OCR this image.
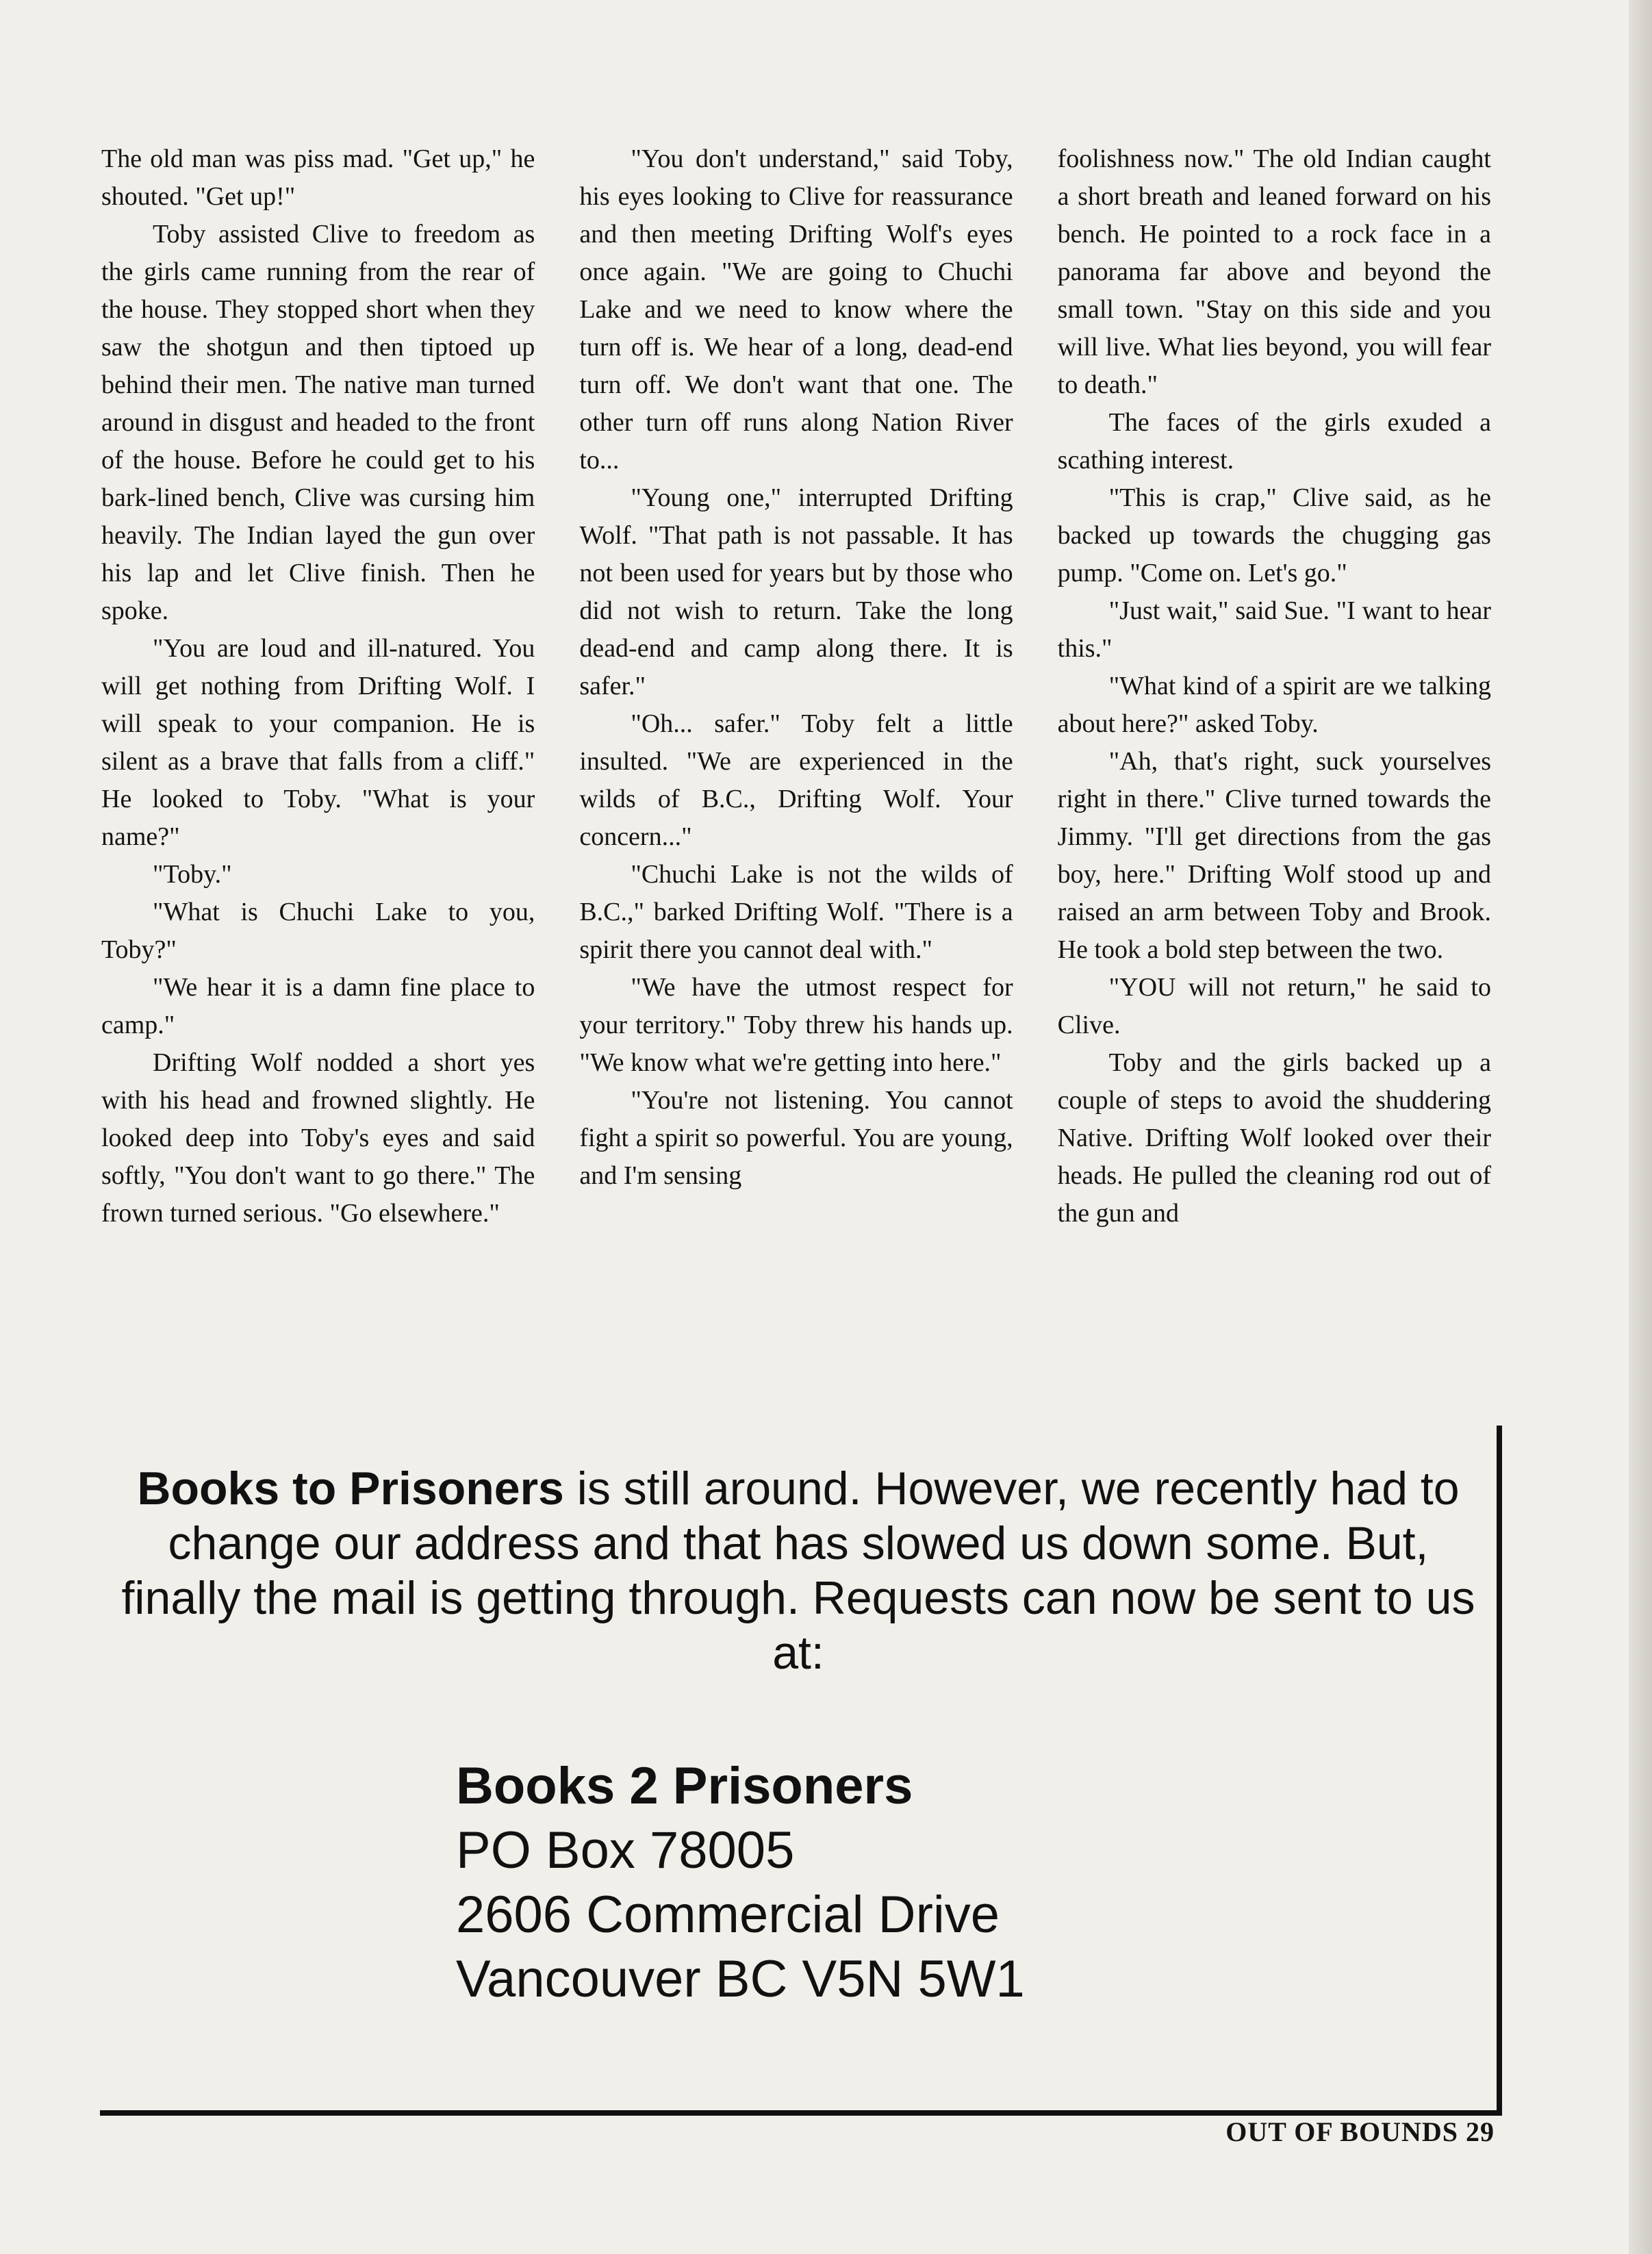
The old man was piss mad. "Get up," he shouted. "Get up!"

Toby assisted Clive to freedom as the girls came running from the rear of the house. They stopped short when they saw the shotgun and then tiptoed up behind their men. The native man turned around in disgust and headed to the front of the house. Before he could get to his bark-lined bench, Clive was cursing him heavily. The Indian layed the gun over his lap and let Clive finish. Then he spoke.

"You are loud and ill-natured. You will get nothing from Drifting Wolf. I will speak to your companion. He is silent as a brave that falls from a cliff." He looked to Toby. "What is your name?"

"Toby."

"What is Chuchi Lake to you, Toby?"

"We hear it is a damn fine place to camp."

Drifting Wolf nodded a short yes with his head and frowned slightly. He looked deep into Toby's eyes and said softly, "You don't want to go there." The frown turned serious. "Go elsewhere."

"You don't understand," said Toby, his eyes looking to Clive for reassurance and then meeting Drifting Wolf's eyes once again. "We are going to Chuchi Lake and we need to know where the turn off is. We hear of a long, dead-end turn off. We don't want that one. The other turn off runs along Nation River to...

"Young one," interrupted Drifting Wolf. "That path is not passable. It has not been used for years but by those who did not wish to return. Take the long dead-end and camp along there. It is safer."

"Oh... safer." Toby felt a little insulted. "We are experienced in the wilds of B.C., Drifting Wolf. Your concern..."

"Chuchi Lake is not the wilds of B.C.," barked Drifting Wolf. "There is a spirit there you cannot deal with."

"We have the utmost respect for your territory." Toby threw his hands up. "We know what we're getting into here."

"You're not listening. You cannot fight a spirit so powerful. You are young, and I'm sensing

foolishness now." The old Indian caught a short breath and leaned forward on his bench. He pointed to a rock face in a panorama far above and beyond the small town. "Stay on this side and you will live. What lies beyond, you will fear to death."

The faces of the girls exuded a scathing interest.

"This is crap," Clive said, as he backed up towards the chugging gas pump. "Come on. Let's go."

"Just wait," said Sue. "I want to hear this."

"What kind of a spirit are we talking about here?" asked Toby.

"Ah, that's right, suck yourselves right in there." Clive turned towards the Jimmy. "I'll get directions from the gas boy, here." Drifting Wolf stood up and raised an arm between Toby and Brook. He took a bold step between the two.

"YOU will not return," he said to Clive.

Toby and the girls backed up a couple of steps to avoid the shuddering Native. Drifting Wolf looked over their heads. He pulled the cleaning rod out of the gun and

Books to Prisoners is still around. However, we recently had to change our address and that has slowed us down some. But, finally the mail is getting through. Requests can now be sent to us at:
Books 2 Prisoners
PO Box 78005
2606 Commercial Drive
Vancouver BC V5N 5W1
OUT OF BOUNDS 29
